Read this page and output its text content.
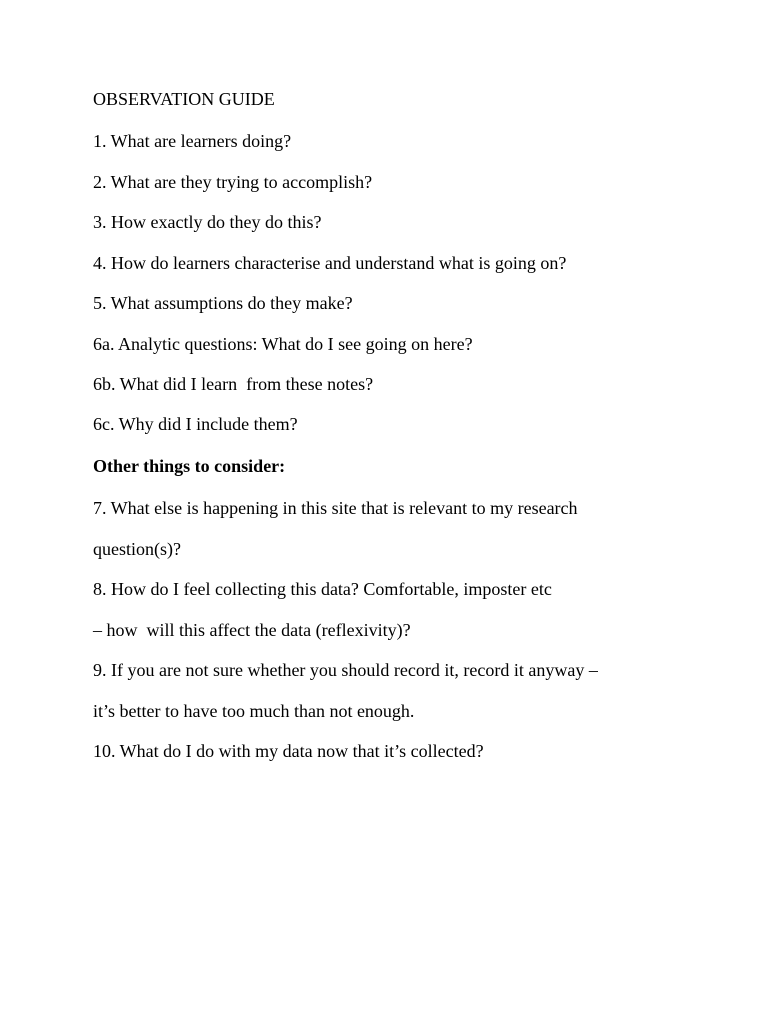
OBSERVATION GUIDE

1. What are learners doing?

2. What are they trying to accomplish?

3. How exactly do they do this?

4. How do learners characterise and understand what is going on?

5. What assumptions do they make?

6a. Analytic questions: What do I see going on here?

6b. What did I learn  from these notes?

6c. Why did I include them?

Other things to consider:

7. What else is happening in this site that is relevant to my research

question(s)?

8. How do I feel collecting this data? Comfortable, imposter etc

– how  will this affect the data (reflexivity)?

9. If you are not sure whether you should record it, record it anyway –

it’s better to have too much than not enough.

10. What do I do with my data now that it’s collected?
